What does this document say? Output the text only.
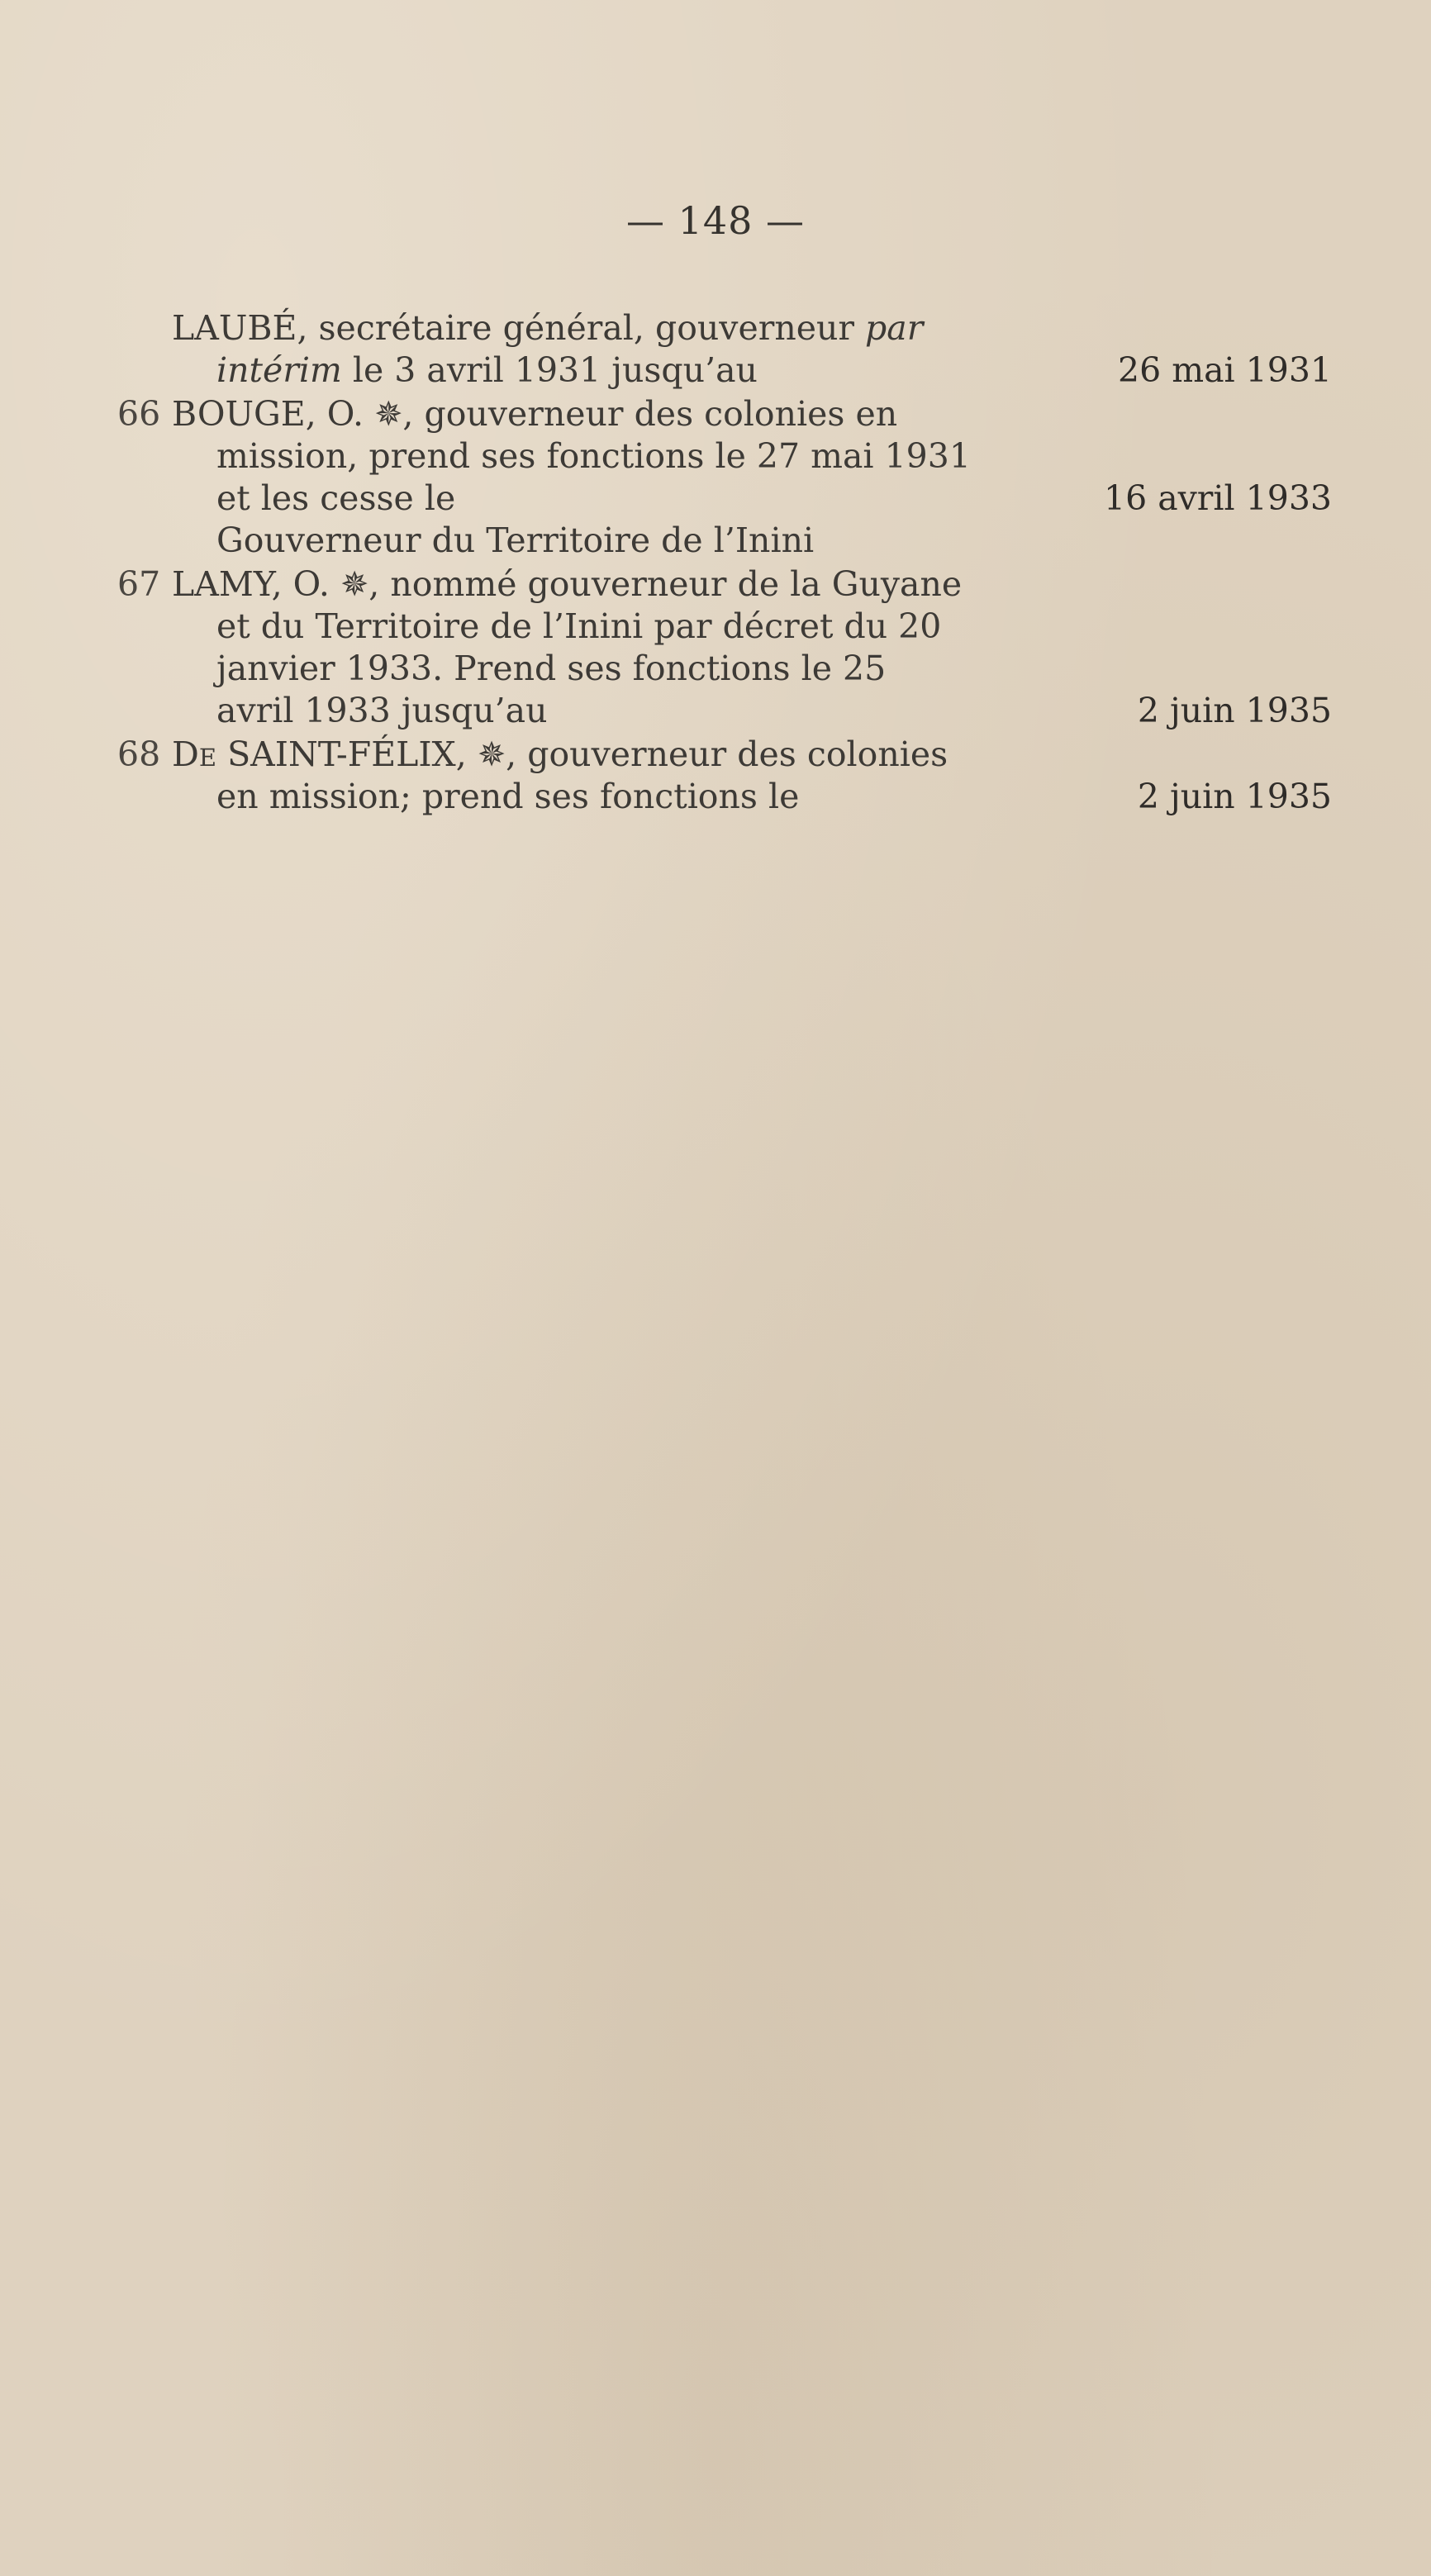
— 148 —
LAUBÉ, secrétaire général, gouverneur par
intérim le 3 avril 1931 jusqu’au	26 mai 1931
66 BOUGE, O. ✵, gouverneur des colonies en
mission, prend ses fonctions le 27 mai 1931
et les cesse le	16 avril 1933
Gouverneur du Territoire de l’Inini
67 LAMY, O. ✵, nommé gouverneur de la Guyane
et du Territoire de l’Inini par décret du 20
janvier 1933. Prend ses fonctions le 25
avril 1933 jusqu’au	2 juin 1935
68 De SAINT-FÉLIX, ✵, gouverneur des colonies
en mission; prend ses fonctions le	2 juin 1935
